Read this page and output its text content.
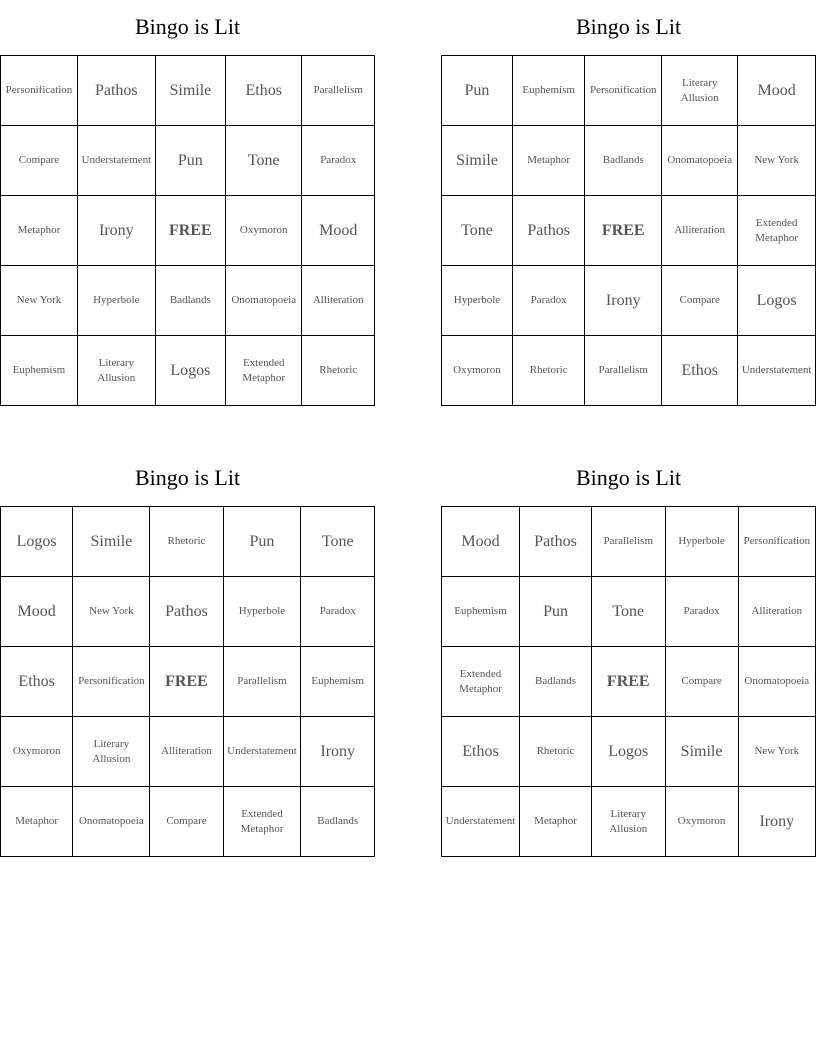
Bingo is Lit
Personification	Pathos	Simile	Ethos	Parallelism
Compare	Understatement	Pun	Tone	Paradox
Metaphor	Irony	FREE	Oxymoron	Mood
New York	Hyperbole	Badlands	Onomatopoeia	Alliteration
Euphemism	Literary Allusion	Logos	Extended Metaphor	Rhetoric
Bingo is Lit
Pun	Euphemism	Personification	Literary Allusion	Mood
Simile	Metaphor	Badlands	Onomatopoeia	New York
Tone	Pathos	FREE	Alliteration	Extended Metaphor
Hyperbole	Paradox	Irony	Compare	Logos
Oxymoron	Rhetoric	Parallelism	Ethos	Understatement
Bingo is Lit
Logos	Simile	Rhetoric	Pun	Tone
Mood	New York	Pathos	Hyperbole	Paradox
Ethos	Personification	FREE	Parallelism	Euphemism
Oxymoron	Literary Allusion	Alliteration	Understatement	Irony
Metaphor	Onomatopoeia	Compare	Extended Metaphor	Badlands
Bingo is Lit
Mood	Pathos	Parallelism	Hyperbole	Personification
Euphemism	Pun	Tone	Paradox	Alliteration
Extended Metaphor	Badlands	FREE	Compare	Onomatopoeia
Ethos	Rhetoric	Logos	Simile	New York
Understatement	Metaphor	Literary Allusion	Oxymoron	Irony
